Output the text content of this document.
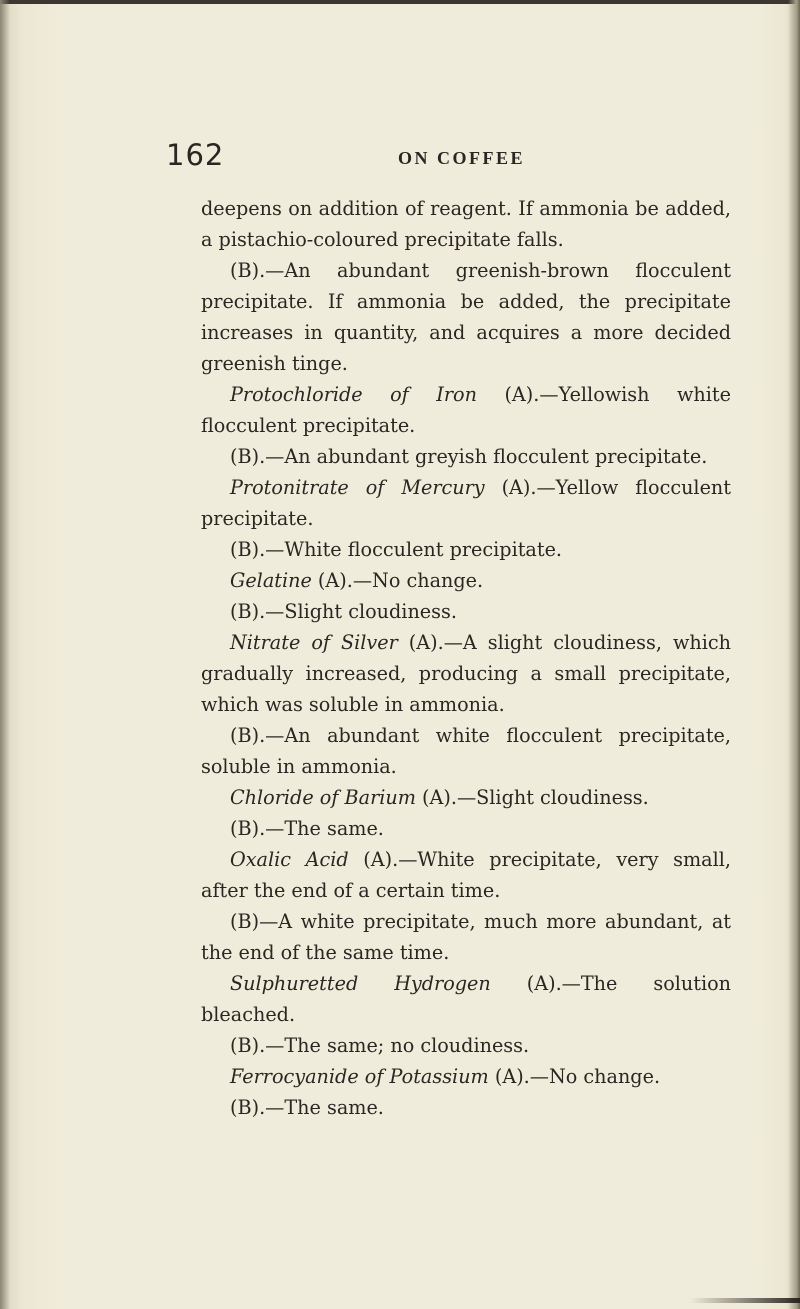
162	ON COFFEE

deepens on addition of reagent. If ammonia be added, a pistachio-coloured precipitate falls.

(B).—An abundant greenish-brown flocculent precipitate. If ammonia be added, the precipitate increases in quantity, and acquires a more decided greenish tinge.

Protochloride of Iron (A).—Yellowish white flocculent precipitate.

(B).—An abundant greyish flocculent precipitate.

Protonitrate of Mercury (A).—Yellow flocculent precipitate.

(B).—White flocculent precipitate.

Gelatine (A).—No change.

(B).—Slight cloudiness.

Nitrate of Silver (A).—A slight cloudiness, which gradually increased, producing a small precipitate, which was soluble in ammonia.

(B).—An abundant white flocculent precipitate, soluble in ammonia.

Chloride of Barium (A).—Slight cloudiness.

(B).—The same.

Oxalic Acid (A).—White precipitate, very small, after the end of a certain time.

(B)—A white precipitate, much more abundant, at the end of the same time.

Sulphuretted Hydrogen (A).—The solution bleached.

(B).—The same; no cloudiness.

Ferrocyanide of Potassium (A).—No change.

(B).—The same.
